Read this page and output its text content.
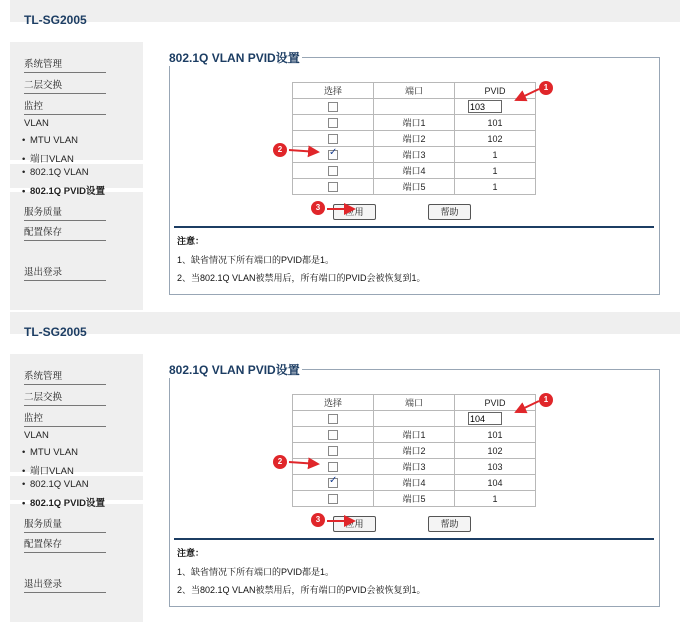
TL-SG2005
系统管理
二层交换
监控
VLAN
• MTU VLAN
• 端口VLAN
• 802.1Q VLAN
• 802.1Q PVID设置
服务质量
配置保存
退出登录
802.1Q VLAN PVID设置
选择	端口	PVID
		103
	端口1	101
	端口2	102
✓	端口3	1
	端口4	1
	端口5	1
应用	帮助
注意：
1、缺省情况下所有端口的PVID都是1。
2、当802.1Q VLAN被禁用后，所有端口的PVID会被恢复到1。
1
2
3
TL-SG2005
系统管理
二层交换
监控
VLAN
• MTU VLAN
• 端口VLAN
• 802.1Q VLAN
• 802.1Q PVID设置
服务质量
配置保存
退出登录
802.1Q VLAN PVID设置
选择	端口	PVID
		104
	端口1	101
	端口2	102
	端口3	103
✓	端口4	104
	端口5	1
应用	帮助
注意：
1、缺省情况下所有端口的PVID都是1。
2、当802.1Q VLAN被禁用后，所有端口的PVID会被恢复到1。
1
2
3
